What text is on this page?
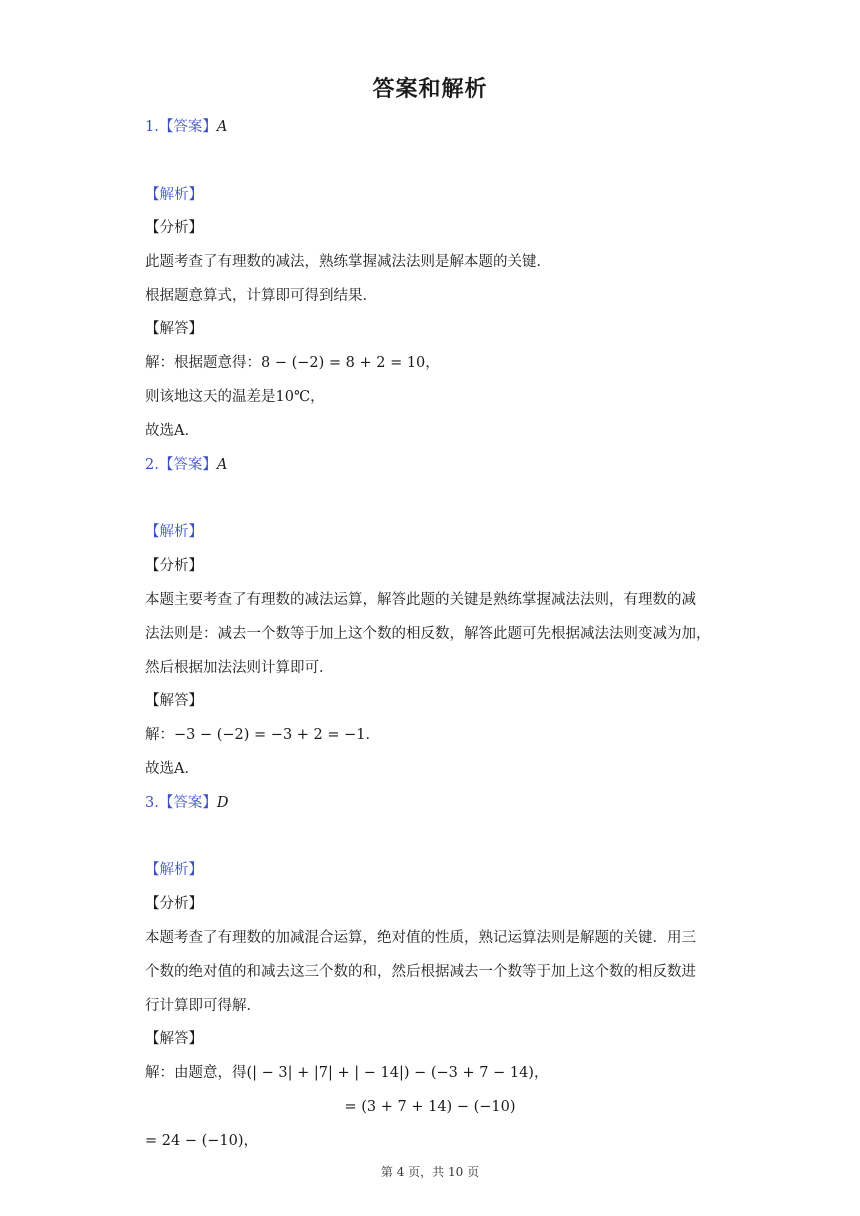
答案和解析
1.【答案】A
【解析】
【分析】
此题考查了有理数的减法，熟练掌握减法法则是解本题的关键．
根据题意算式，计算即可得到结果．
【解答】
解：根据题意得：8 − (−2) = 8 + 2 = 10，
则该地这天的温差是10℃，
故选A．
2.【答案】A
【解析】
【分析】
本题主要考查了有理数的减法运算，解答此题的关键是熟练掌握减法法则，有理数的减
法法则是：减去一个数等于加上这个数的相反数，解答此题可先根据减法法则变减为加，
然后根据加法法则计算即可．
【解答】
解：−3 − (−2) = −3 + 2 = −1．
故选A．
3.【答案】D
【解析】
【分析】
本题考查了有理数的加减混合运算，绝对值的性质，熟记运算法则是解题的关键．用三
个数的绝对值的和减去这三个数的和，然后根据减去一个数等于加上这个数的相反数进
行计算即可得解．
【解答】
解：由题意，得(| − 3| + |7| + | − 14|) − (−3 + 7 − 14)，
= (3 + 7 + 14) − (−10)
= 24 − (−10)，
第 4 页，共 10 页
